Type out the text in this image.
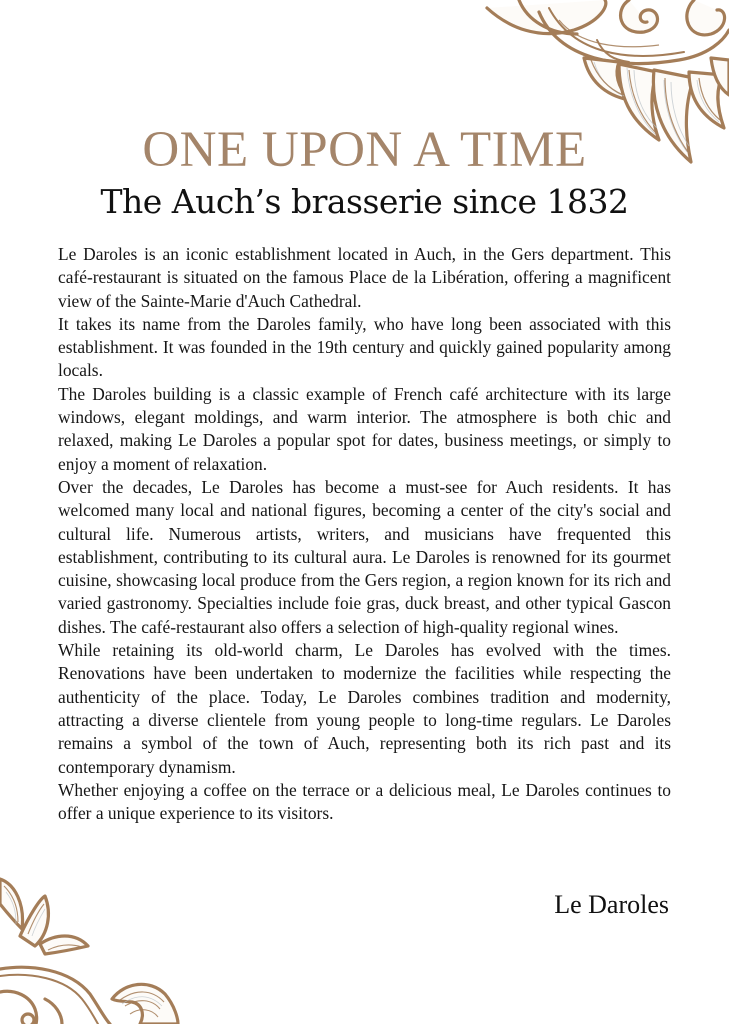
ONE UPON A TIME
The Auch’s brasserie since 1832

Le Daroles is an iconic establishment located in Auch, in the Gers department. This café-restaurant is situated on the famous Place de la Libération, offering a magnificent view of the Sainte-Marie d'Auch Cathedral.

It takes its name from the Daroles family, who have long been associated with this establishment. It was founded in the 19th century and quickly gained popularity among locals.

The Daroles building is a classic example of French café architecture with its large windows, elegant moldings, and warm interior. The atmosphere is both chic and relaxed, making Le Daroles a popular spot for dates, business meetings, or simply to enjoy a moment of relaxation.

Over the decades, Le Daroles has become a must-see for Auch residents. It has welcomed many local and national figures, becoming a center of the city's social and cultural life. Numerous artists, writers, and musicians have frequented this establishment, contributing to its cultural aura. Le Daroles is renowned for its gourmet cuisine, showcasing local produce from the Gers region, a region known for its rich and varied gastronomy. Specialties include foie gras, duck breast, and other typical Gascon dishes. The café-restaurant also offers a selection of high-quality regional wines.

While retaining its old-world charm, Le Daroles has evolved with the times. Renovations have been undertaken to modernize the facilities while respecting the authenticity of the place. Today, Le Daroles combines tradition and modernity, attracting a diverse clientele from young people to long-time regulars. Le Daroles remains a symbol of the town of Auch, representing both its rich past and its contemporary dynamism.

Whether enjoying a coffee on the terrace or a delicious meal, Le Daroles continues to offer a unique experience to its visitors.

Le Daroles
